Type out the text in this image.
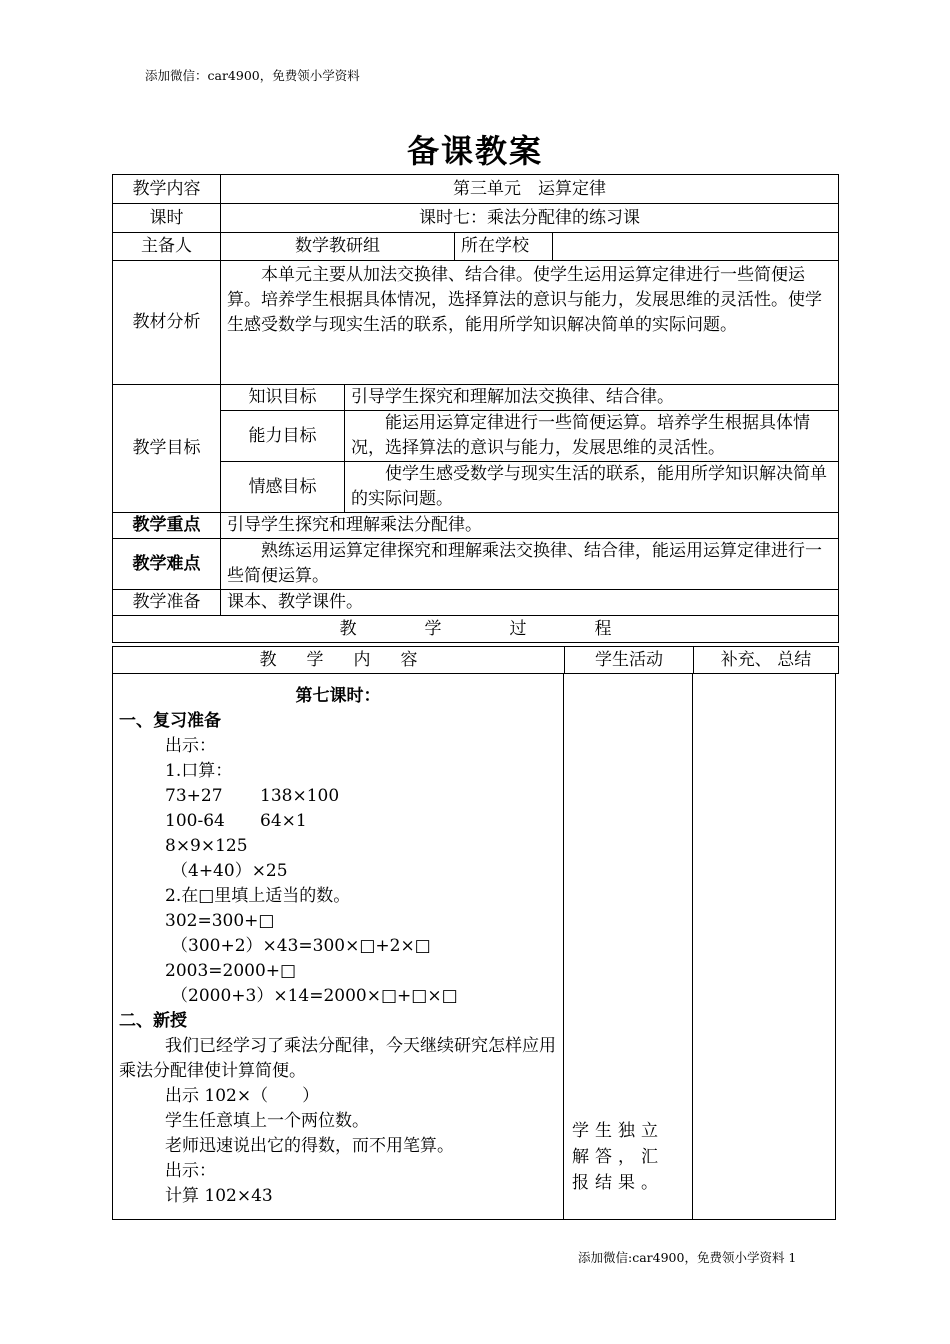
添加微信：car4900，免费领小学资料
备课教案
教学内容	第三单元　运算定律			
课时	课时七：乘法分配律的练习课			
主备人	数学教研组		所在学校	
教材分析	本单元主要从加法交换律、结合律。使学生运用运算定律进行一些简便运算。培养学生根据具体情况，选择算法的意识与能力，发展思维的灵活性。使学生感受数学与现实生活的联系，能用所学知识解决简单的实际问题。			

教学目标	知识目标	引导学生探究和理解加法交换律、结合律。		
	能力目标	能运用运算定律进行一些简便运算。培养学生根据具体情况，选择算法的意识与能力，发展思维的灵活性。		

	情感目标	使学生感受数学与现实生活的联系，能用所学知识解决简单的实际问题。		

教学重点	引导学生探究和理解乘法分配律。			
教学难点	熟练运用运算定律探究和理解乘法交换律、结合律，能运用运算定律进行一些简便运算。			

教学准备	课本、教学课件。			
教 学 过 程				
教 学 内 容	学生活动	补充、 总结
第七课时：
一、复习准备
出示：
1.口算：
73+27 138×100
100-64 64×1
8×9×125
（4+40）×25
2.在□里填上适当的数。
302=300+□
（300+2）×43=300×□+2×□
2003=2000+□
（2000+3）×14=2000×□+□×□
二、新授
我们已经学习了乘法分配律，今天继续研究怎样应用乘法分配律使计算简便。
出示 102×（　　）
学生任意填上一个两位数。
老师迅速说出它的得数，而不用笔算。
出示：
计算 102×43

学生独立解答，汇报结果。

添加微信:car4900，免费领小学资料 1
